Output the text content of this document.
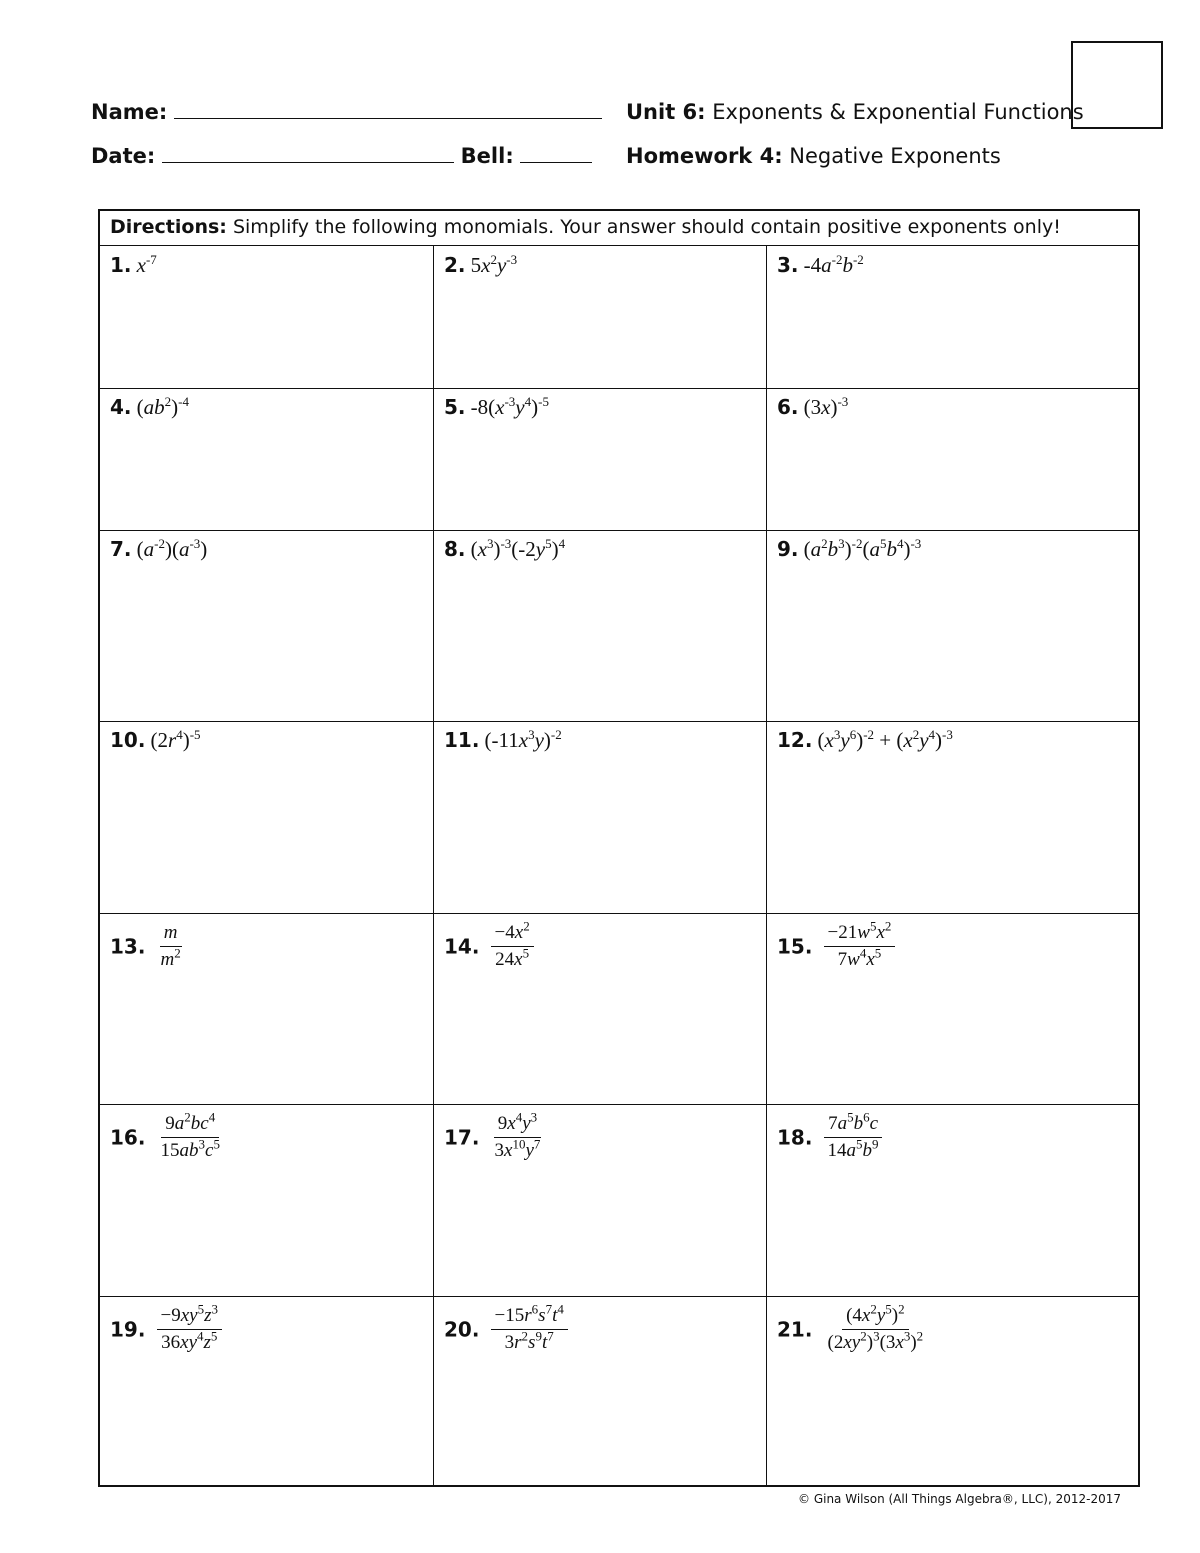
Name:
Date:	Bell:
Unit 6: Exponents & Exponential Functions
Homework 4: Negative Exponents
Directions: Simplify the following monomials. Your answer should contain positive exponents only!
1. $x^{-7}$	2. $5x^2y^{-3}$	3. $-4a^{-2}b^{-2}$
4. $(ab^2)^{-4}$	5. $-8(x^{-3}y^4)^{-5}$	6. $(3x)^{-3}$
7. $(a^{-2})(a^{-3})$	8. $(x^3)^{-3}(-2y^5)^4$	9. $(a^2b^3)^{-2}(a^5b^4)^{-3}$
10. $(2r^4)^{-5}$	11. $(-11x^3y)^{-2}$	12. $(x^3y^6)^{-2} + (x^2y^4)^{-3}$
13. $\frac{m}{m^2}$	14. $\frac{-4x^2}{24x^5}$	15. $\frac{-21w^5x^2}{7w^4x^5}$
16. $\frac{9a^2bc^4}{15ab^3c^5}$	17. $\frac{9x^4y^3}{3x^{10}y^7}$	18. $\frac{7a^5b^6c}{14a^5b^9}$
19. $\frac{-9xy^5z^3}{36xy^4z^5}$	20. $\frac{-15r^6s^7t^4}{3r^2s^9t^7}$	21. $\frac{(4x^2y^5)^2}{(2xy^2)^3(3x^3)^2}$
© Gina Wilson (All Things Algebra®, LLC), 2012-2017
